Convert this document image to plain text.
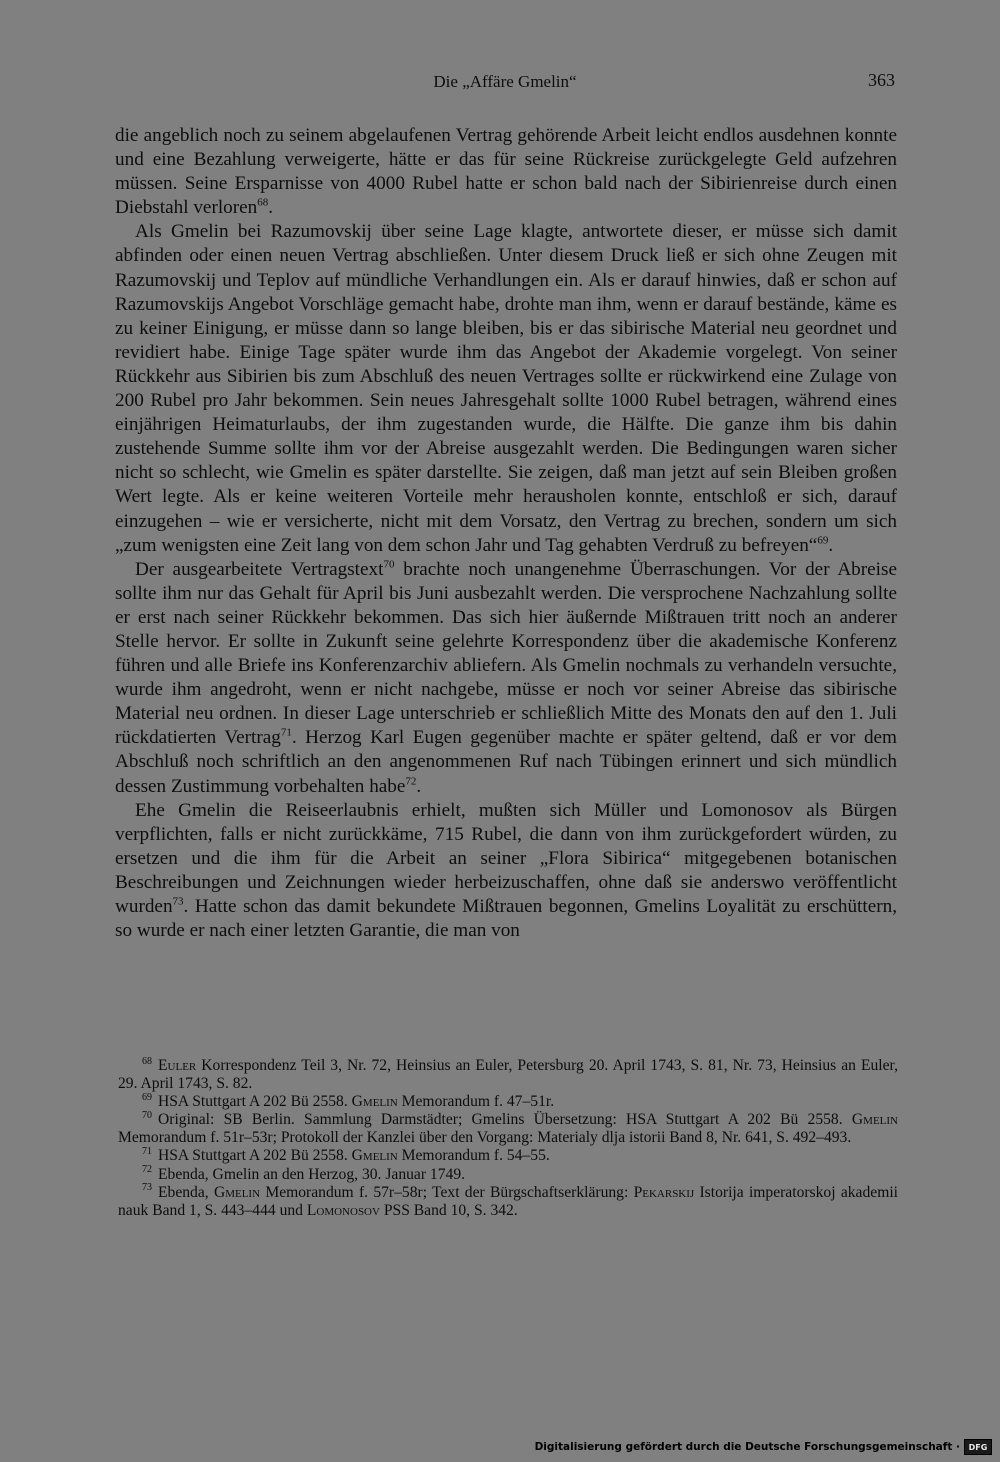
Die „Affäre Gmelin“	363

die angeblich noch zu seinem abgelaufenen Vertrag gehörende Arbeit leicht endlos ausdehnen konnte und eine Bezahlung verweigerte, hätte er das für seine Rückreise zurückgelegte Geld aufzehren müssen. Seine Ersparnisse von 4000 Rubel hatte er schon bald nach der Sibirienreise durch einen Diebstahl verloren$^{68}$.

Als Gmelin bei Razumovskij über seine Lage klagte, antwortete dieser, er müsse sich damit abfinden oder einen neuen Vertrag abschließen. Unter diesem Druck ließ er sich ohne Zeugen mit Razumovskij und Teplov auf mündliche Verhandlungen ein. Als er darauf hinwies, daß er schon auf Razumovskijs Angebot Vorschläge gemacht habe, drohte man ihm, wenn er darauf bestände, käme es zu keiner Einigung, er müsse dann so lange bleiben, bis er das sibirische Material neu geordnet und revidiert habe. Einige Tage später wurde ihm das Angebot der Akademie vorgelegt. Von seiner Rückkehr aus Sibirien bis zum Abschluß des neuen Vertrages sollte er rückwirkend eine Zulage von 200 Rubel pro Jahr bekommen. Sein neues Jahresgehalt sollte 1000 Rubel betragen, während eines einjährigen Heimaturlaubs, der ihm zugestanden wurde, die Hälfte. Die ganze ihm bis dahin zustehende Summe sollte ihm vor der Abreise ausgezahlt werden. Die Bedingungen waren sicher nicht so schlecht, wie Gmelin es später darstellte. Sie zeigen, daß man jetzt auf sein Bleiben großen Wert legte. Als er keine weiteren Vorteile mehr herausholen konnte, entschloß er sich, darauf einzugehen – wie er versicherte, nicht mit dem Vorsatz, den Vertrag zu brechen, sondern um sich „zum wenigsten eine Zeit lang von dem schon Jahr und Tag gehabten Verdruß zu befreyen“$^{69}$.

Der ausgearbeitete Vertragstext$^{70}$ brachte noch unangenehme Überraschungen. Vor der Abreise sollte ihm nur das Gehalt für April bis Juni ausbezahlt werden. Die versprochene Nachzahlung sollte er erst nach seiner Rückkehr bekommen. Das sich hier äußernde Mißtrauen tritt noch an anderer Stelle hervor. Er sollte in Zukunft seine gelehrte Korrespondenz über die akademische Konferenz führen und alle Briefe ins Konferenzarchiv abliefern. Als Gmelin nochmals zu verhandeln versuchte, wurde ihm angedroht, wenn er nicht nachgebe, müsse er noch vor seiner Abreise das sibirische Material neu ordnen. In dieser Lage unterschrieb er schließlich Mitte des Monats den auf den 1. Juli rückdatierten Vertrag$^{71}$. Herzog Karl Eugen gegenüber machte er später geltend, daß er vor dem Abschluß noch schriftlich an den angenommenen Ruf nach Tübingen erinnert und sich mündlich dessen Zustimmung vorbehalten habe$^{72}$.

Ehe Gmelin die Reiseerlaubnis erhielt, mußten sich Müller und Lomonosov als Bürgen verpflichten, falls er nicht zurückkäme, 715 Rubel, die dann von ihm zurückgefordert würden, zu ersetzen und die ihm für die Arbeit an seiner „Flora Sibirica“ mitgegebenen botanischen Beschreibungen und Zeichnungen wieder herbeizuschaffen, ohne daß sie anderswo veröffentlicht wurden$^{73}$. Hatte schon das damit bekundete Mißtrauen begonnen, Gmelins Loyalität zu erschüttern, so wurde er nach einer letzten Garantie, die man von

$^{68}$ Euler Korrespondenz Teil 3, Nr. 72, Heinsius an Euler, Petersburg 20. April 1743, S. 81, Nr. 73, Heinsius an Euler, 29. April 1743, S. 82.

$^{69}$ HSA Stuttgart A 202 Bü 2558. Gmelin Memorandum f. 47–51r.

$^{70}$ Original: SB Berlin. Sammlung Darmstädter; Gmelins Übersetzung: HSA Stuttgart A 202 Bü 2558. Gmelin Memorandum f. 51r–53r; Protokoll der Kanzlei über den Vorgang: Materialy dlja istorii Band 8, Nr. 641, S. 492–493.

$^{71}$ HSA Stuttgart A 202 Bü 2558. Gmelin Memorandum f. 54–55.

$^{72}$ Ebenda, Gmelin an den Herzog, 30. Januar 1749.

$^{73}$ Ebenda, Gmelin Memorandum f. 57r–58r; Text der Bürgschaftserklärung: Pekarskij Istorija imperatorskoj akademii nauk Band 1, S. 443–444 und Lomonosov PSS Band 10, S. 342.

Digitalisierung gefördert durch die Deutsche Forschungsgemeinschaft ·	DFG
